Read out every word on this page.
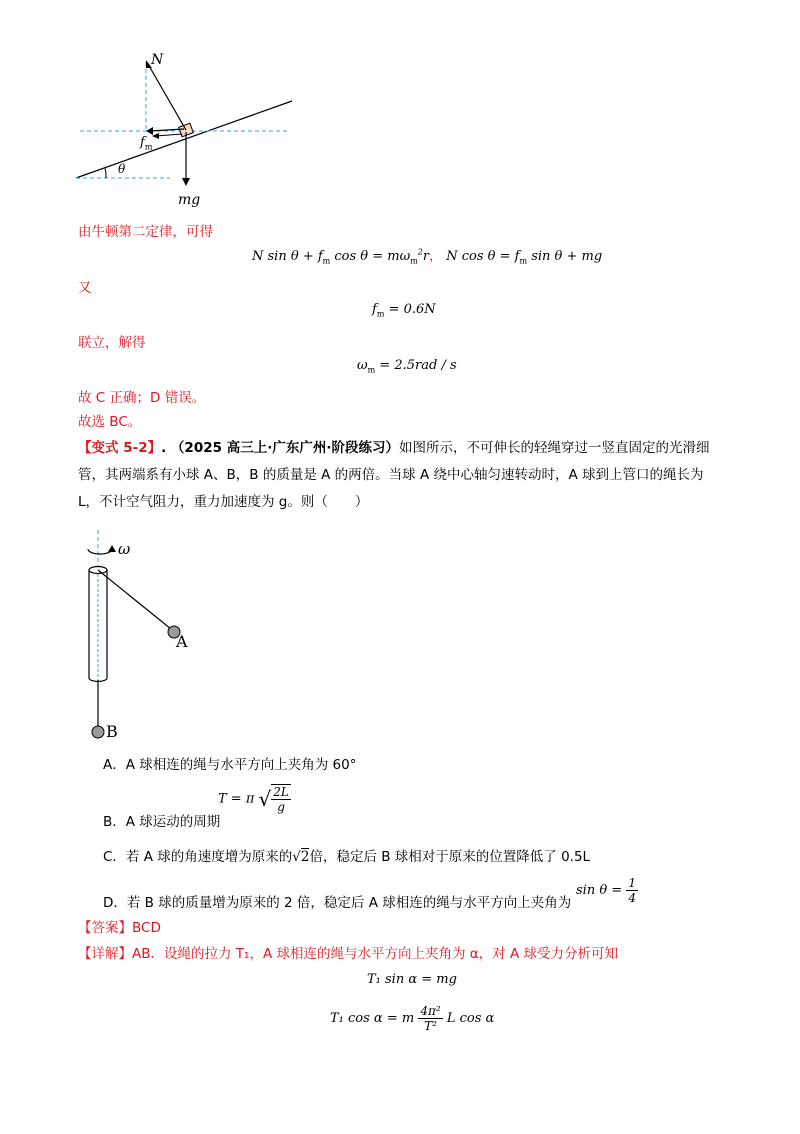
N
$f_m$
θ
mg
由牛顿第二定律，可得
N $\sin \theta + f_m$ $\cos \theta = m\omega_m^2r$， N $\cos \theta = f_m$ sin θ + mg
又
$f_m = 0.6N$
联立，解得
$\omega_m = 2.5rad / s$
故 C 正确；D 错误。
故选 BC。
【变式 5-2】. （2025 高三上·广东广州·阶段练习）如图所示，不可伸长的轻绳穿过一竖直固定的光滑细
管，其两端系有小球 A、B，B 的质量是 A 的两倍。当球 A 绕中心轴匀速转动时，A 球到上管口的绳长为
L，不计空气阻力，重力加速度为 g。则（　　）
ω
A
B
A．A 球相连的绳与水平方向上夹角为 60°
B．A 球运动的周期
T = π √ $\frac{2L}{g}$
C．若 A 球的角速度增为原来的√2倍，稳定后 B 球相对于原来的位置降低了 0.5L
D．若 B 球的质量增为原来的 2 倍，稳定后 A 球相连的绳与水平方向上夹角为
$\sin \theta = \frac{1}{4}$
【答案】BCD
【详解】AB．设绳的拉力 T₁，A 球相连的绳与水平方向上夹角为 α，对 A 球受力分析可知
T₁ sin α = mg
T₁ cos α = m $\frac{\text{4π²}}{\text{T²}}$ L cos α
